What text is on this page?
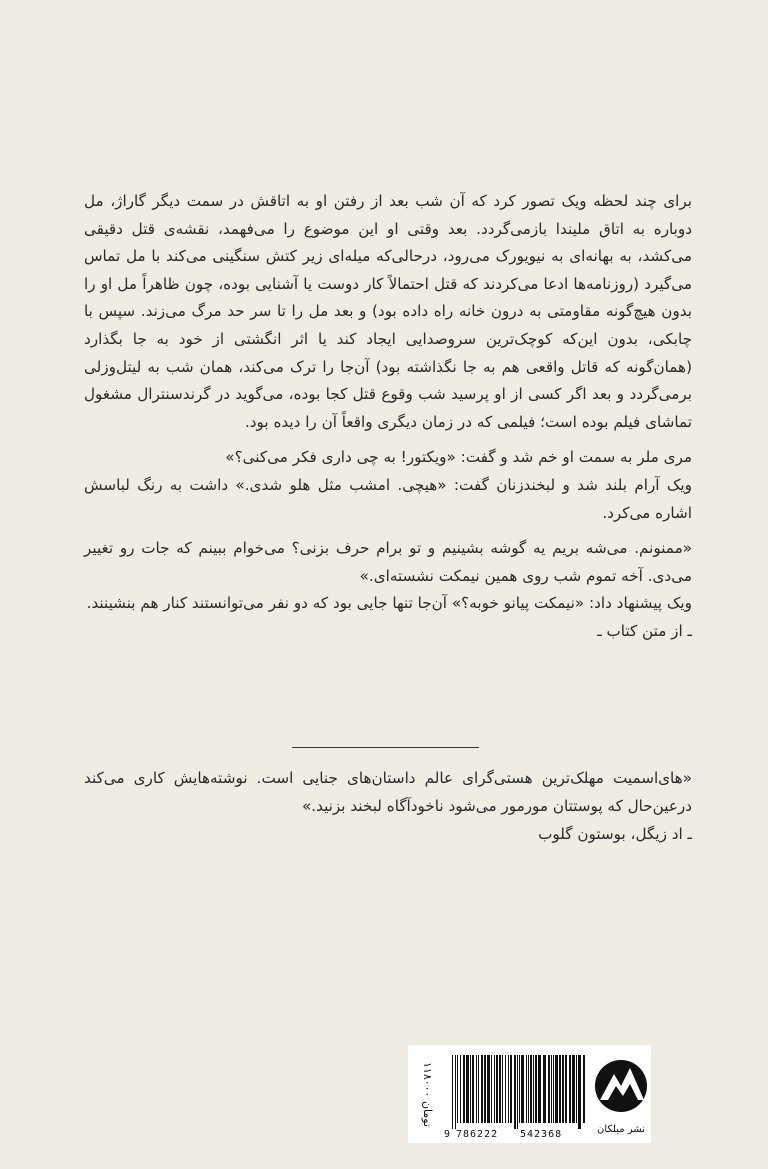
برای چند لحظه ویک تصور کرد که آن شب بعد از رفتن او به اتاقش در سمت دیگر گاراژ، مل دوباره به اتاق ملیندا بازمی‌گردد. بعد وقتی او این موضوع را می‌فهمد، نقشه‌ی قتل دقیقی می‌کشد، به بهانه‌ای به نیویورک می‌رود، درحالی‌که میله‌ای زیر کتش سنگینی می‌کند با مل تماس می‌گیرد (روزنامه‌ها ادعا می‌کردند که قتل احتمالاً کار دوست یا آشنایی بوده، چون ظاهراً مل او را بدون هیچ‌گونه مقاومتی به درون خانه راه داده بود) و بعد مل را تا سر حد مرگ می‌زند. سپس با چابکی، بدون این‌که کوچک‌ترین سروصدایی ایجاد کند یا اثر انگشتی از خود به جا بگذارد (همان‌گونه که قاتل واقعی هم به جا نگذاشته بود) آن‌جا را ترک می‌کند، همان شب به لیتل‌وزلی برمی‌گردد و بعد اگر کسی از او پرسید شب وقوع قتل کجا بوده، می‌گوید در گرندسنترال مشغول تماشای فیلم بوده است؛ فیلمی که در زمان دیگری واقعاً آن را دیده بود.

مری ملر به سمت او خم شد و گفت: «ویکتور! به چی داری فکر می‌کنی؟»

ویک آرام بلند شد و لبخندزنان گفت: «هیچی. امشب مثل هلو شدی.» داشت به رنگ لباسش اشاره می‌کرد.

«ممنونم. می‌شه بریم یه گوشه بشینیم و تو برام حرف بزنی؟ می‌خوام ببینم که جات رو تغییر می‌دی. آخه تموم شب روی همین نیمکت نشسته‌ای.»

ویک پیشنهاد داد: «نیمکت پیانو خوبه؟» آن‌جا تنها جایی بود که دو نفر می‌توانستند کنار هم بنشینند.

ـ از متن کتاب ـ

«های‌اسمیت مهلک‌ترین هستی‌گرای عالم داستان‌های جنایی است. نوشته‌هایش کاری می‌کند درعین‌حال که پوستتان مورمور می‌شود ناخودآگاه لبخند بزنید.»

ـ اد زیگل، بوستون گلوب

9 786222 542368
۱۱۸۰۰۰ تومان
نشر میلکان
